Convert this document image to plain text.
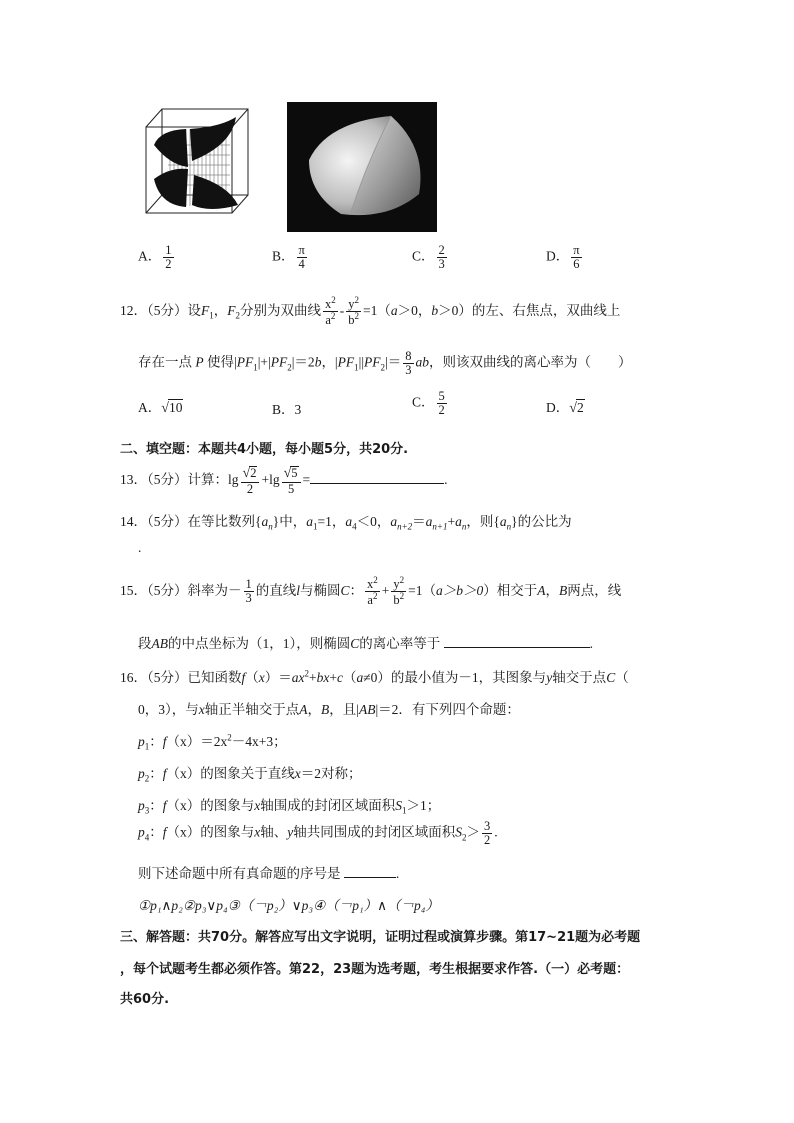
A． $\frac{1}{2}$	B． $\frac{\pi}{4}$	C． $\frac{2}{3}$	D． $\frac{\pi}{6}$
12．（5分）设$F_1$，$F_2$分别为双曲线 $\frac{x^2}{a^2} - \frac{y^2}{b^2} =1(a>0$，b＞0）的左、右焦点，双曲线上
存在一点 P 使得$|PF_1|+|PF_2|=2b$，$|PF_1||PF_2|= \frac{8}{3}$ ab，则该双曲线的离心率为（　　）
A．√10	B．3	C． $\frac{5}{2}$	D．√2
二、填空题：本题共4小题，每小题5分，共20分.
13．（5分）计算：$\lg \frac{√2}{2} +\lg \frac{√5}{5}$ =	.
14．（5分）在等比数列$\{a_n\}$中，$a_1=1$，$a_4<0$，$a_{n+2}=a_{n+1}+a_n$，则$\{a_n\}$的公比为
.
15．（5分）斜率为－ $\frac{1}{3}$ 的直线l与椭圆C： $\frac{x^2}{a^2} + \frac{y^2}{b^2} =1(a>b>0)$相交于A，B两点，线
段AB的中点坐标为（1，1），则椭圆C的离心率等于	.
16．（5分）已知函数$f(x)=ax^2+bx+c(a\ne 0)$的最小值为－1，其图象与y轴交于点C（
0，3），与x轴正半轴交于点A，B，且|AB|＝2．有下列四个命题：
$p_1$：$f(x)=2x^2-4x+3$；
$p_2$：f（x）的图象关于直线x＝2对称；
$p_3$：f（x）的图象与x轴围成的封闭区域面积$S_1>1$；
$p_4$：f（x）的图象与x轴、y轴共同围成的封闭区域面积$S_2> \frac{3}{2}$ .
则下述命题中所有真命题的序号是	.
①p₁∧p₂②p₃∨p₄③（￢p₂）∨p₃④（￢p₁）∧（￢p₄）
三、解答题：共70分。解答应写出文字说明，证明过程或演算步骤。第17~21题为必考题
，每个试题考生都必须作答。第22，23题为选考题，考生根据要求作答.（一）必考题：
共60分.
